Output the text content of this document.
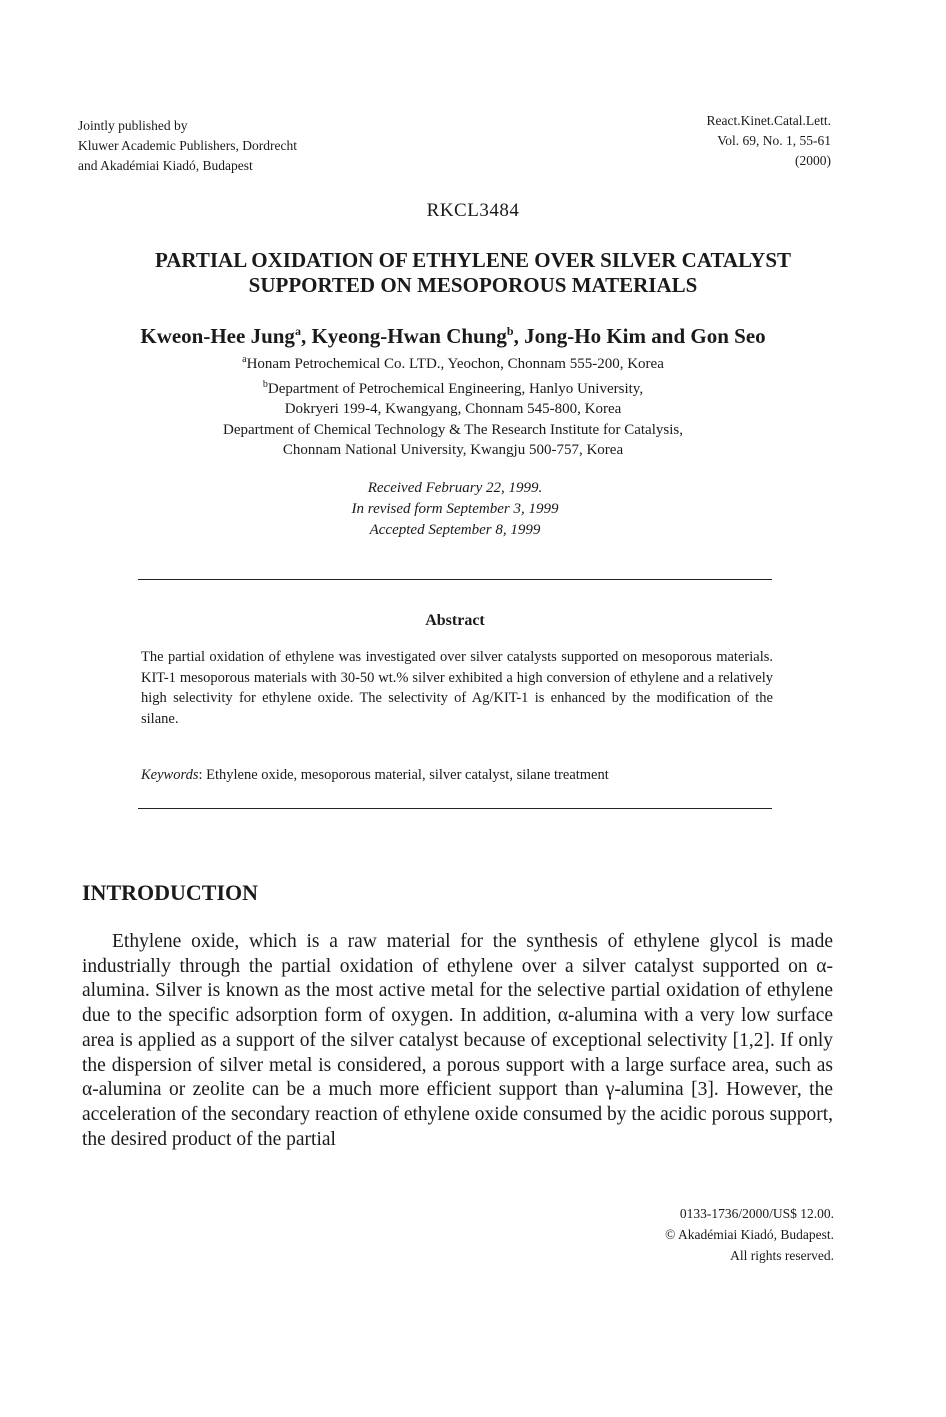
Jointly published by
Kluwer Academic Publishers, Dordrecht
and Akadémiai Kiadó, Budapest
React.Kinet.Catal.Lett.
Vol. 69, No. 1, 55-61
(2000)
RKCL3484
PARTIAL OXIDATION OF ETHYLENE OVER SILVER CATALYST
SUPPORTED ON MESOPOROUS MATERIALS
Kweon-Hee Jung$^a$, Kyeong-Hwan Chung$^b$, Jong-Ho Kim and Gon Seo
$^a$Honam Petrochemical Co. LTD., Yeochon, Chonnam 555-200, Korea
$^b$Department of Petrochemical Engineering, Hanlyo University,
Dokryeri 199-4, Kwangyang, Chonnam 545-800, Korea
Department of Chemical Technology & The Research Institute for Catalysis,
Chonnam National University, Kwangju 500-757, Korea
Received February 22, 1999.
In revised form September 3, 1999
Accepted September 8, 1999
Abstract
The partial oxidation of ethylene was investigated over silver catalysts supported on mesoporous materials. KIT-1 mesoporous materials with 30-50 wt.% silver exhibited a high conversion of ethylene and a relatively high selectivity for ethylene oxide. The selectivity of Ag/KIT-1 is enhanced by the modification of the silane.
Keywords: Ethylene oxide, mesoporous material, silver catalyst, silane treatment
INTRODUCTION
Ethylene oxide, which is a raw material for the synthesis of ethylene glycol is made industrially through the partial oxidation of ethylene over a silver catalyst supported on α-alumina. Silver is known as the most active metal for the selective partial oxidation of ethylene due to the specific adsorption form of oxygen. In addition, α-alumina with a very low surface area is applied as a support of the silver catalyst because of exceptional selectivity [1,2]. If only the dispersion of silver metal is considered, a porous support with a large surface area, such as α-alumina or zeolite can be a much more efficient support than γ-alumina [3]. However, the acceleration of the secondary reaction of ethylene oxide consumed by the acidic porous support, the desired product of the partial
0133-1736/2000/US$ 12.00.
© Akadémiai Kiadó, Budapest.
All rights reserved.
